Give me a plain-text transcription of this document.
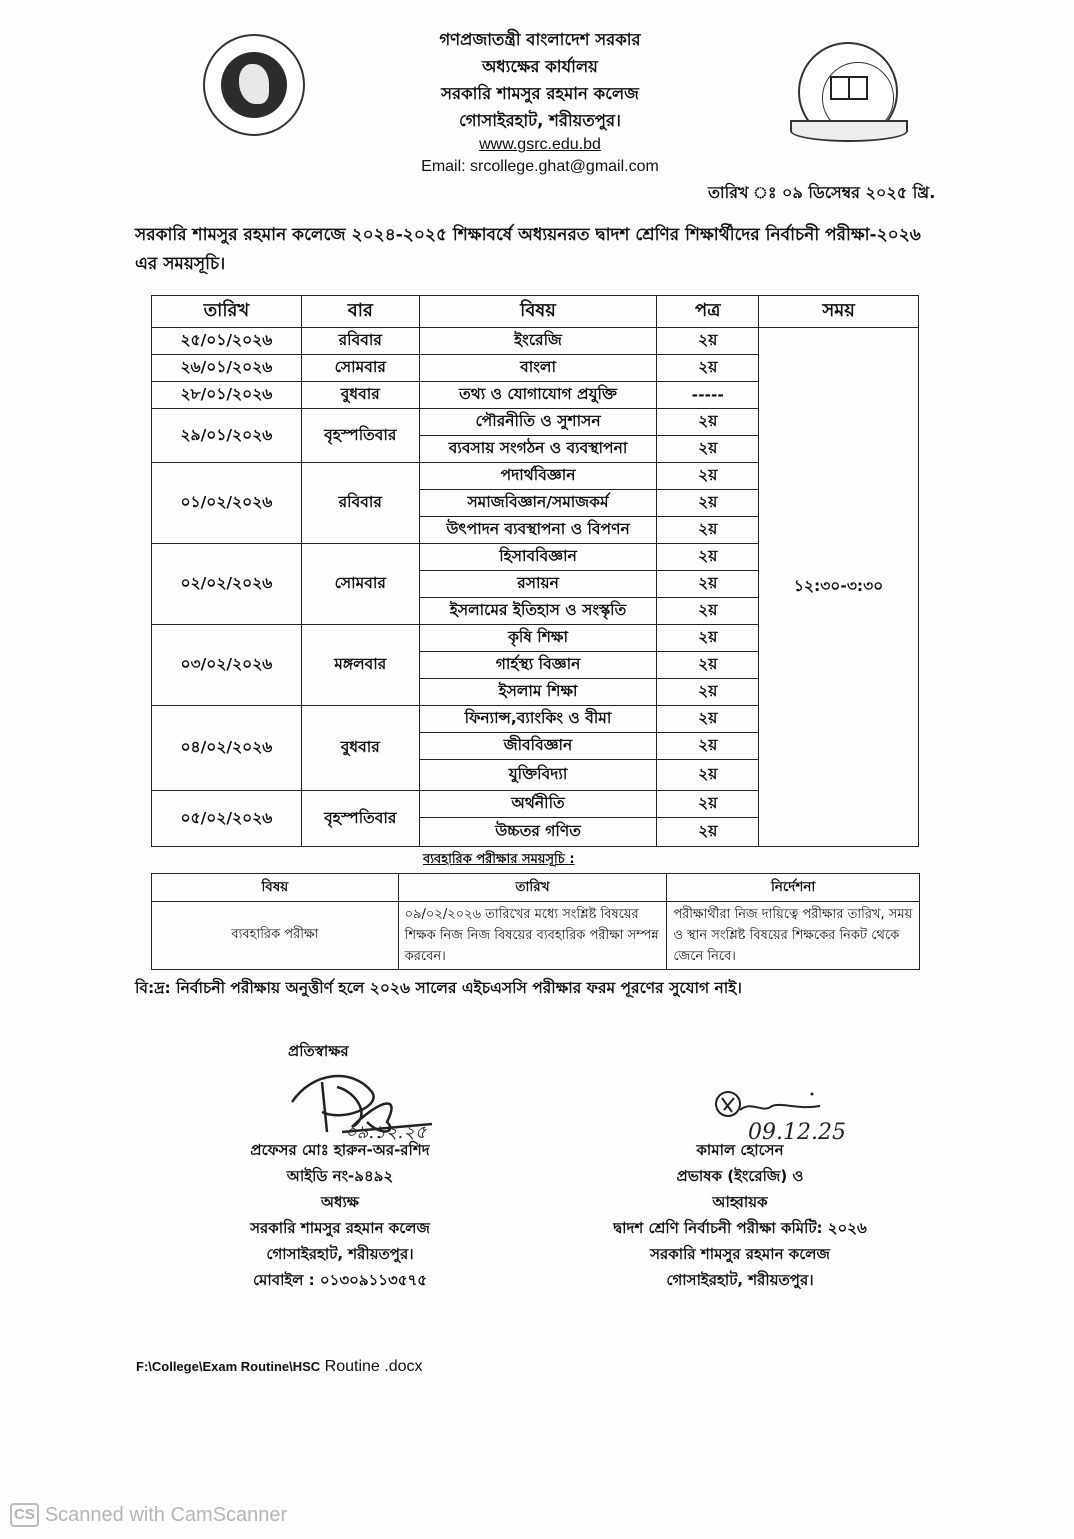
গণপ্রজাতন্ত্রী বাংলাদেশ সরকার
অধ্যক্ষের কার্যালয়
সরকারি শামসুর রহমান কলেজ
গোসাইরহাট, শরীয়তপুর।
www.gsrc.edu.bd
Email: srcollege.ghat@gmail.com
তারিখ ঃ ০৯ ডিসেম্বর ২০২৫ খ্রি.
সরকারি শামসুর রহমান কলেজে ২০২৪-২০২৫ শিক্ষাবর্ষে অধ্যয়নরত দ্বাদশ শ্রেণির শিক্ষার্থীদের নির্বাচনী পরীক্ষা-২০২৬ এর সময়সূচি।
তারিখ	বার	বিষয়	পত্র	সময়
২৫/০১/২০২৬	রবিবার	ইংরেজি	২য়	১২:৩০-৩:৩০
২৬/০১/২০২৬	সোমবার	বাংলা	২য়	
২৮/০১/২০২৬	বুধবার	তথ্য ও যোগাযোগ প্রযুক্তি	-----	
২৯/০১/২০২৬	বৃহস্পতিবার	পৌরনীতি ও সুশাসন	২য়	
		ব্যবসায় সংগঠন ও ব্যবস্থাপনা	২য়	
০১/০২/২০২৬	রবিবার	পদার্থবিজ্ঞান	২য়	
		সমাজবিজ্ঞান/সমাজকর্ম	২য়	
		উৎপাদন ব্যবস্থাপনা ও বিপণন	২য়	
০২/০২/২০২৬	সোমবার	হিসাববিজ্ঞান	২য়	
		রসায়ন	২য়	
		ইসলামের ইতিহাস ও সংস্কৃতি	২য়	
০৩/০২/২০২৬	মঙ্গলবার	কৃষি শিক্ষা	২য়	
		গার্হস্থ্য বিজ্ঞান	২য়	
		ইসলাম শিক্ষা	২য়	
০৪/০২/২০২৬	বুধবার	ফিন্যান্স,ব্যাংকিং ও বীমা	২য়	
		জীববিজ্ঞান	২য়	
		যুক্তিবিদ্যা	২য়	
০৫/০২/২০২৬	বৃহস্পতিবার	অর্থনীতি	২য়	
		উচ্চতর গণিত	২য়	
ব্যবহারিক পরীক্ষার সময়সূচি :
বিষয়	তারিখ	নির্দেশনা
ব্যবহারিক পরীক্ষা	০৯/০২/২০২৬ তারিখের মধ্যে সংশ্লিষ্ট বিষয়ের শিক্ষক নিজ নিজ বিষয়ের ব্যবহারিক পরীক্ষা সম্পন্ন করবেন।	পরীক্ষার্থীরা নিজ দায়িত্বে পরীক্ষার তারিখ, সময় ও স্থান সংশ্লিষ্ট বিষয়ের শিক্ষকের নিকট থেকে জেনে নিবে।
বি:দ্র: নির্বাচনী পরীক্ষায় অনুত্তীর্ণ হলে ২০২৬ সালের এইচএসসি পরীক্ষার ফরম পূরণের সুযোগ নাই।
প্রতিস্বাক্ষর
০৯.১২.২৫	09.12.25
প্রফেসর মোঃ হারুন-অর-রশিদ
আইডি নং-৯৪৯২
অধ্যক্ষ
সরকারি শামসুর রহমান কলেজ
গোসাইরহাট, শরীয়তপুর।
মোবাইল : ০১৩০৯১১৩৫৭৫
কামাল হোসেন
প্রভাষক (ইংরেজি) ও
আহ্বায়ক
দ্বাদশ শ্রেণি নির্বাচনী পরীক্ষা কমিটি: ২০২৬
সরকারি শামসুর রহমান কলেজ
গোসাইরহাট, শরীয়তপুর।
F:\College\Exam Routine\HSC Routine .docx
CS Scanned with CamScanner
